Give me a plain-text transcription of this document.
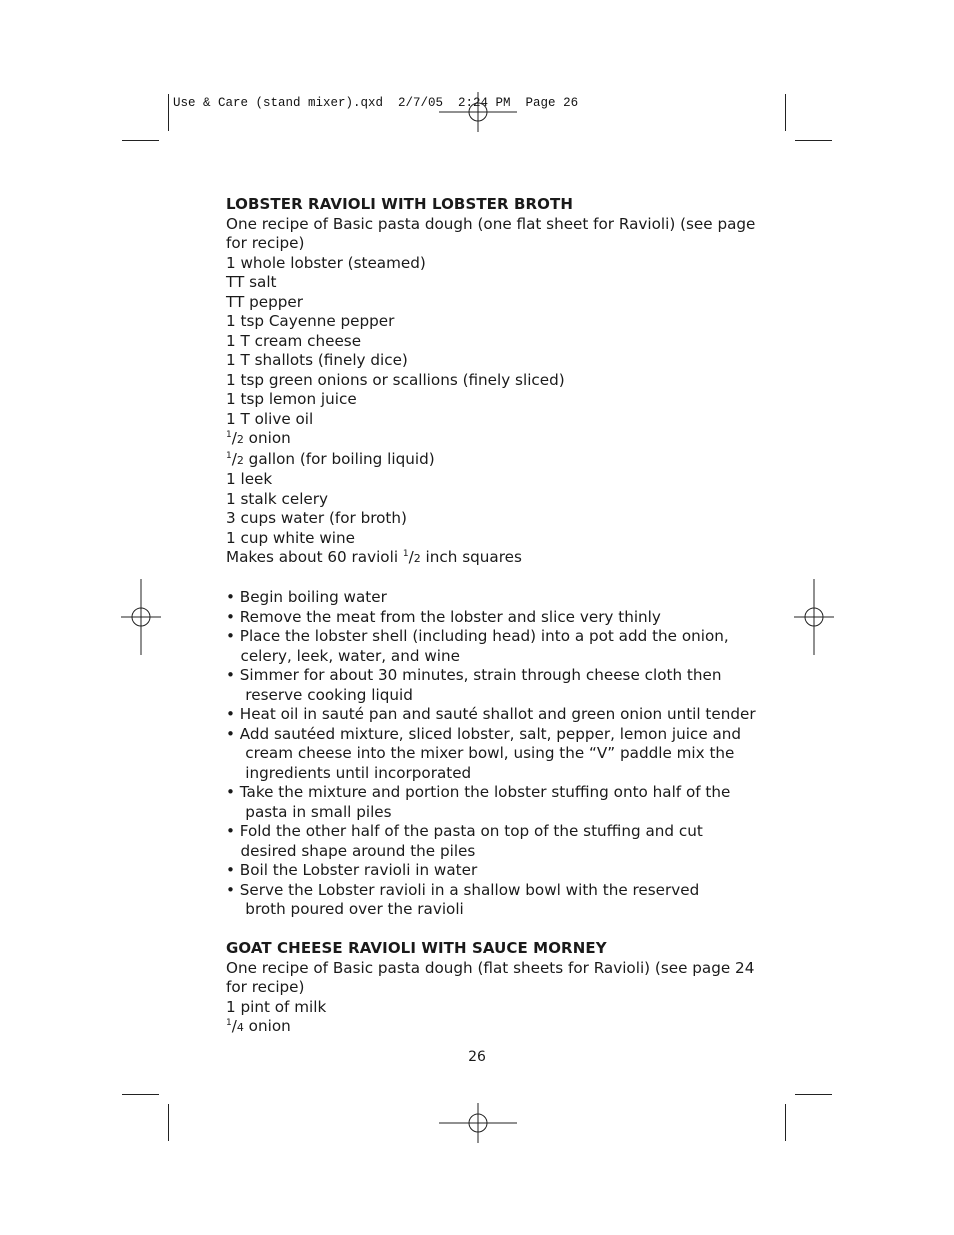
Use & Care (stand mixer).qxd  2/7/05  2:24 PM  Page 26
LOBSTER RAVIOLI WITH LOBSTER BROTH
One recipe of Basic pasta dough (one flat sheet for Ravioli) (see page
for recipe)
1 whole lobster (steamed)
TT salt
TT pepper
1 tsp Cayenne pepper
1 T cream cheese
1 T shallots (finely dice)
1 tsp green onions or scallions (finely sliced)
1 tsp lemon juice
1 T olive oil
$^1$/2 onion
$^1$/2 gallon (for boiling liquid)
1 leek
1 stalk celery
3 cups water (for broth)
1 cup white wine
Makes about 60 ravioli $^1$/2 inch squares
• Begin boiling water
• Remove the meat from the lobster and slice very thinly
• Place the lobster shell (including head) into a pot add the onion,
celery, leek, water, and wine
• Simmer for about 30 minutes, strain through cheese cloth then
reserve cooking liquid
• Heat oil in sauté pan and sauté shallot and green onion until tender
• Add sautéed mixture, sliced lobster, salt, pepper, lemon juice and
cream cheese into the mixer bowl, using the “V” paddle mix the
ingredients until incorporated
• Take the mixture and portion the lobster stuffing onto half of the
pasta in small piles
• Fold the other half of the pasta on top of the stuffing and cut
desired shape around the piles
• Boil the Lobster ravioli in water
• Serve the Lobster ravioli in a shallow bowl with the reserved
broth poured over the ravioli
GOAT CHEESE RAVIOLI WITH SAUCE MORNEY
One recipe of Basic pasta dough (flat sheets for Ravioli) (see page 24
for recipe)
1 pint of milk
$^1$/4 onion
26
